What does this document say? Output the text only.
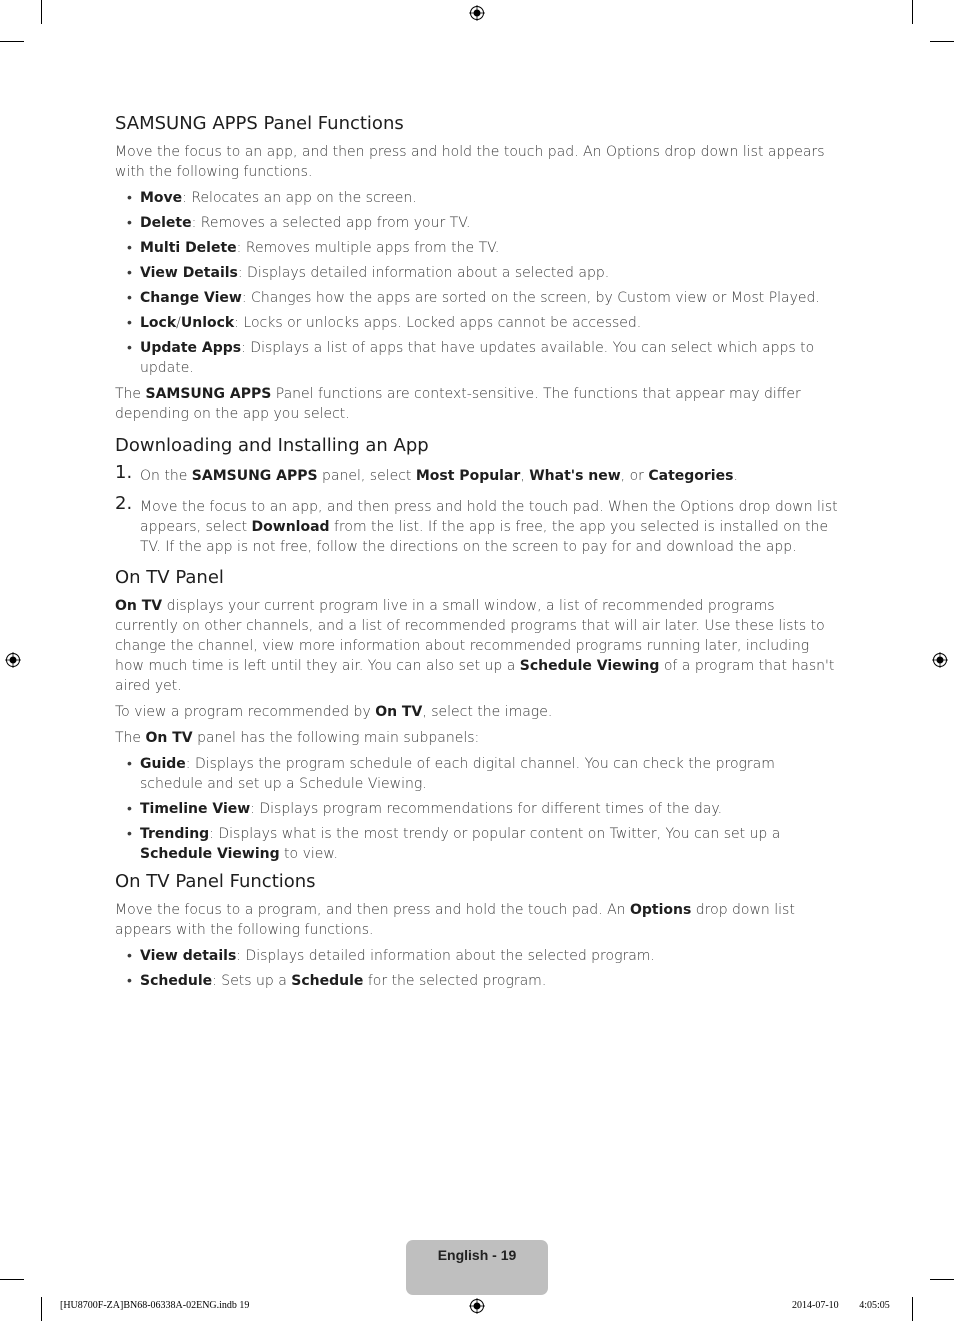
SAMSUNG APPS Panel Functions

Move the focus to an app, and then press and hold the touch pad. An Options drop down list appears with the following functions.

• Move: Relocates an app on the screen.
• Delete: Removes a selected app from your TV.
• Multi Delete: Removes multiple apps from the TV.
• View Details: Displays detailed information about a selected app.
• Change View: Changes how the apps are sorted on the screen, by Custom view or Most Played.
• Lock/Unlock: Locks or unlocks apps. Locked apps cannot be accessed.
• Update Apps: Displays a list of apps that have updates available. You can select which apps to update.

The SAMSUNG APPS Panel functions are context-sensitive. The functions that appear may differ depending on the app you select.

Downloading and Installing an App
1. On the SAMSUNG APPS panel, select Most Popular, What's new, or Categories.
2. Move the focus to an app, and then press and hold the touch pad. When the Options drop down list appears, select Download from the list. If the app is free, the app you selected is installed on the TV. If the app is not free, follow the directions on the screen to pay for and download the app.
On TV Panel

On TV displays your current program live in a small window, a list of recommended programs currently on other channels, and a list of recommended programs that will air later. Use these lists to change the channel, view more information about recommended programs running later, including how much time is left until they air. You can also set up a Schedule Viewing of a program that hasn't aired yet.

To view a program recommended by On TV, select the image.

The On TV panel has the following main subpanels:

• Guide: Displays the program schedule of each digital channel. You can check the program schedule and set up a Schedule Viewing.
• Timeline View: Displays program recommendations for different times of the day.
• Trending: Displays what is the most trendy or popular content on Twitter, You can set up a Schedule Viewing to view.
On TV Panel Functions

Move the focus to a program, and then press and hold the touch pad. An Options drop down list appears with the following functions.

• View details: Displays detailed information about the selected program.
• Schedule: Sets up a Schedule for the selected program.
English - 19
[HU8700F-ZA]BN68-06338A-02ENG.indb 19	2014-07-10 ￿￿ 4:05:05
